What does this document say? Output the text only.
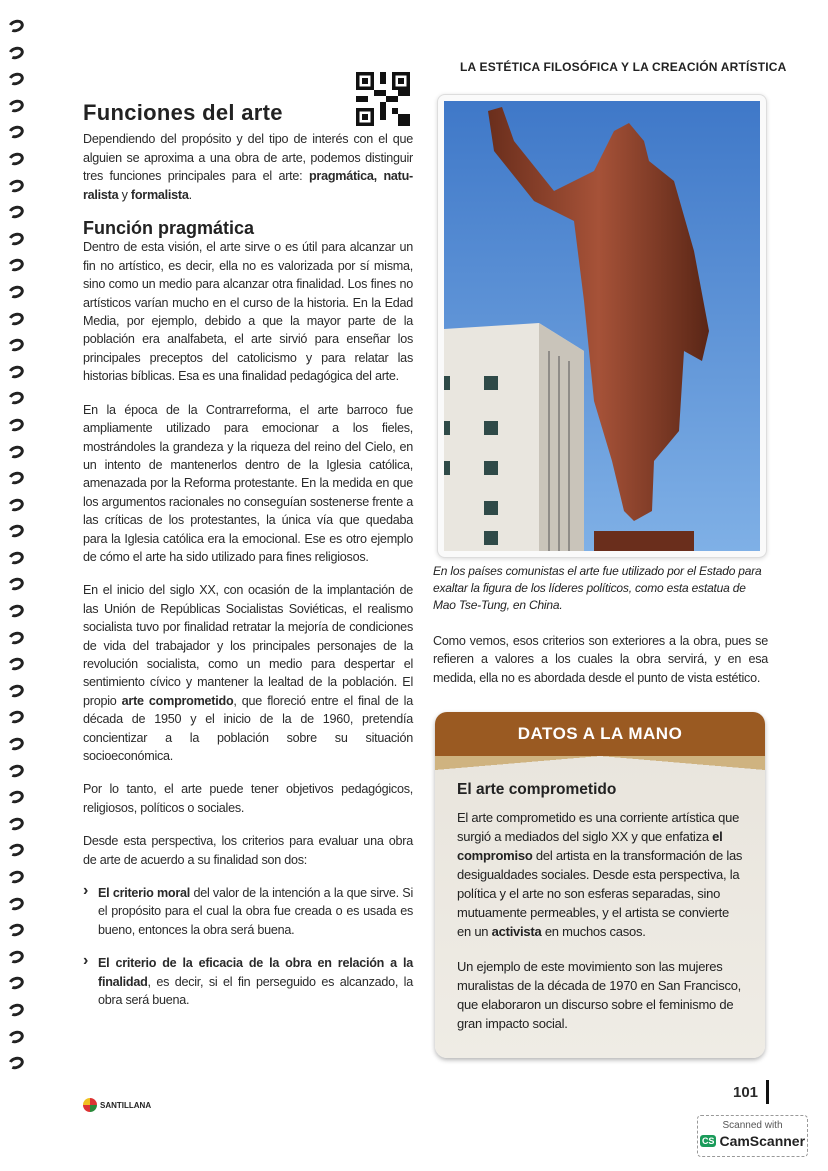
LA ESTÉTICA FILOSÓFICA Y LA CREACIÓN ARTÍSTICA
Funciones del arte

Dependiendo del propósito y del tipo de interés con el que alguien se aproxima a una obra de arte, podemos distinguir tres funciones principales para el arte: pragmática, natu-ralista y formalista.

Función pragmática

Dentro de esta visión, el arte sirve o es útil para alcanzar un fin no artístico, es decir, ella no es valorizada por sí misma, sino como un medio para alcanzar otra finalidad. Los fines no artísticos varían mucho en el curso de la historia. En la Edad Media, por ejemplo, debido a que la mayor parte de la población era analfabeta, el arte sirvió para enseñar los principales preceptos del catolicismo y para relatar las historias bíblicas. Esa es una finalidad pedagógica del arte.

En la época de la Contrarreforma, el arte barroco fue ampliamente utilizado para emocionar a los fieles, mostrándoles la grandeza y la riqueza del reino del Cielo, en un intento de mantenerlos dentro de la Iglesia católica, amenazada por la Reforma protestante. En la medida en que los argumentos racionales no conseguían sostenerse frente a las críticas de los protestantes, la única vía que quedaba para la Iglesia católica era la emocional. Ese es otro ejemplo de cómo el arte ha sido utilizado para fines religiosos.

En el inicio del siglo XX, con ocasión de la implantación de las Unión de Repúblicas Socialistas Soviéticas, el realismo socialista tuvo por finalidad retratar la mejoría de condiciones de vida del trabajador y los principales personajes de la revolución socialista, como un medio para despertar el sentimiento cívico y mantener la lealtad de la población. El propio arte comprometido, que floreció entre el final de la década de 1950 y el inicio de la de 1960, pretendía concientizar a la población sobre su situación socioeconómica.

Por lo tanto, el arte puede tener objetivos pedagógicos, religiosos, políticos o sociales.

Desde esta perspectiva, los criterios para evaluar una obra de arte de acuerdo a su finalidad son dos:

› El criterio moral del valor de la intención a la que sirve. Si el propósito para el cual la obra fue creada o es usada es bueno, entonces la obra será buena.
› El criterio de la eficacia de la obra en relación a la finalidad, es decir, si el fin perseguido es alcanzado, la obra será buena.
En los países comunistas el arte fue utilizado por el Estado para exaltar la figura de los líderes políticos, como esta estatua de Mao Tse-Tung, en China.

Como vemos, esos criterios son exteriores a la obra, pues se refieren a valores a los cuales la obra servirá, y en esa medida, ella no es abordada desde el punto de vista estético.

DATOS A LA MANO
El arte comprometido

El arte comprometido es una corriente artística que surgió a mediados del siglo XX y que enfatiza el compromiso del artista en la transformación de las desigualdades sociales. Desde esta perspectiva, la política y el arte no son esferas separadas, sino mutuamente permeables, y el artista se convierte en un activista en muchos casos.

Un ejemplo de este movimiento son las mujeres muralistas de la década de 1970 en San Francisco, que elaboraron un discurso sobre el feminismo de gran impacto social.

SANTILLANA
101
Scanned with
CS CamScanner
